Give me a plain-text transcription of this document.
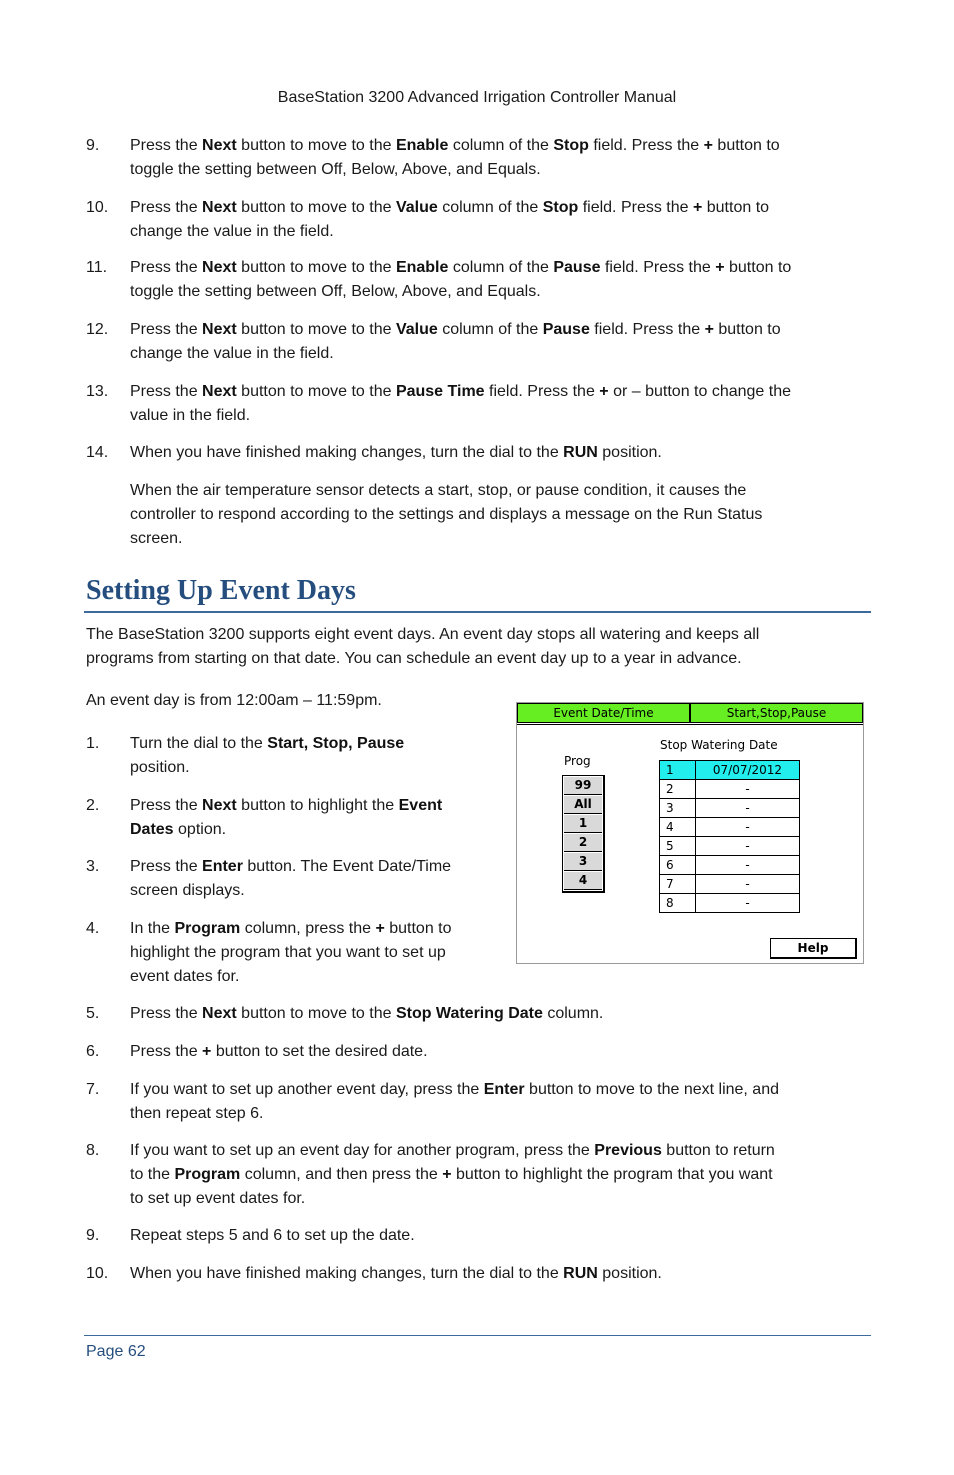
BaseStation 3200 Advanced Irrigation Controller Manual
9.	Press the Next button to move to the Enable column of the Stop field. Press the + button to
toggle the setting between Off, Below, Above, and Equals.
10.	Press the Next button to move to the Value column of the Stop field. Press the + button to
change the value in the field.
11.	Press the Next button to move to the Enable column of the Pause field. Press the + button to
toggle the setting between Off, Below, Above, and Equals.
12.	Press the Next button to move to the Value column of the Pause field. Press the + button to
change the value in the field.
13.	Press the Next button to move to the Pause Time field. Press the + or – button to change the
value in the field.
14.	When you have finished making changes, turn the dial to the RUN position.
When the air temperature sensor detects a start, stop, or pause condition, it causes the
controller to respond according to the settings and displays a message on the Run Status
screen.
Setting Up Event Days
The BaseStation 3200 supports eight event days. An event day stops all watering and keeps all
programs from starting on that date. You can schedule an event day up to a year in advance.
An event day is from 12:00am – 11:59pm.
1.	Turn the dial to the Start, Stop, Pause
position.
2.	Press the Next button to highlight the Event
Dates option.
3.	Press the Enter button. The Event Date/Time
screen displays.
4.	In the Program column, press the + button to
highlight the program that you want to set up
event dates for.
5.	Press the Next button to move to the Stop Watering Date column.
6.	Press the + button to set the desired date.
7.	If you want to set up another event day, press the Enter button to move to the next line, and
then repeat step 6.
8.	If you want to set up an event day for another program, press the Previous button to return
to the Program column, and then press the + button to highlight the program that you want
to set up event dates for.
9.	Repeat steps 5 and 6 to set up the date.
10.	When you have finished making changes, turn the dial to the RUN position.
Event Date/Time	Start,Stop,Pause
Prog
99
All
1
2
3
4
Stop Watering Date
1	07/07/2012
2	-
3	-
4	-
5	-
6	-
7	-
8	-
Help
Page 62
